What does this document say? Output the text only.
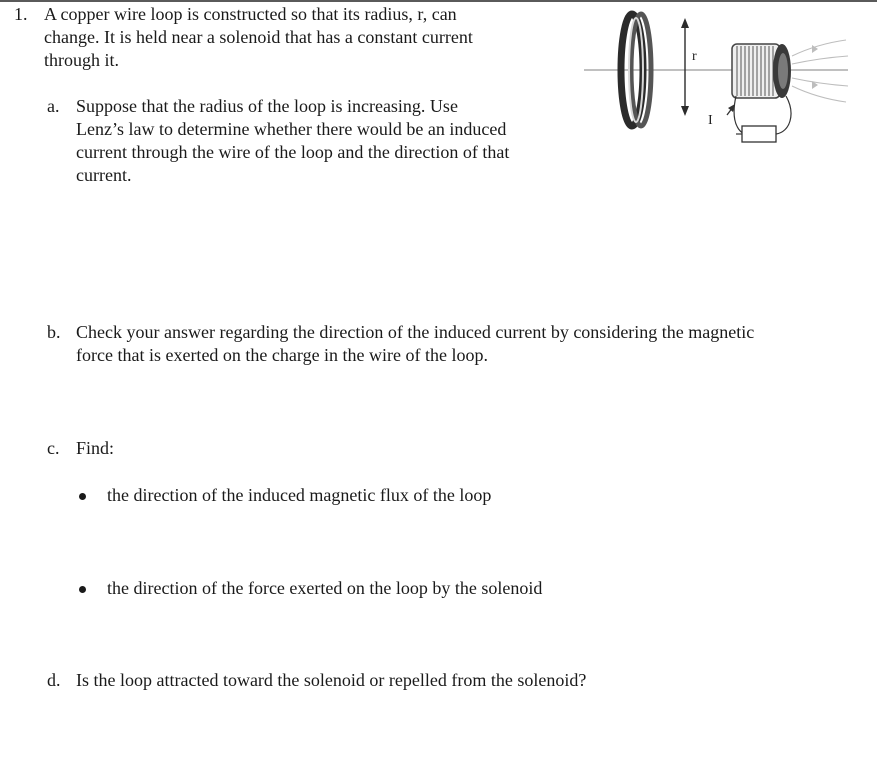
1. A copper wire loop is constructed so that its radius, r, can
change. It is held near a solenoid that has a constant current
through it.	r
I
a. Suppose that the radius of the loop is increasing. Use
Lenz’s law to determine whether there would be an induced
current through the wire of the loop and the direction of that
current.
b. Check your answer regarding the direction of the induced current by considering the magnetic
force that is exerted on the charge in the wire of the loop.
c. Find:
the direction of the induced magnetic flux of the loop
the direction of the force exerted on the loop by the solenoid
d. Is the loop attracted toward the solenoid or repelled from the solenoid?
